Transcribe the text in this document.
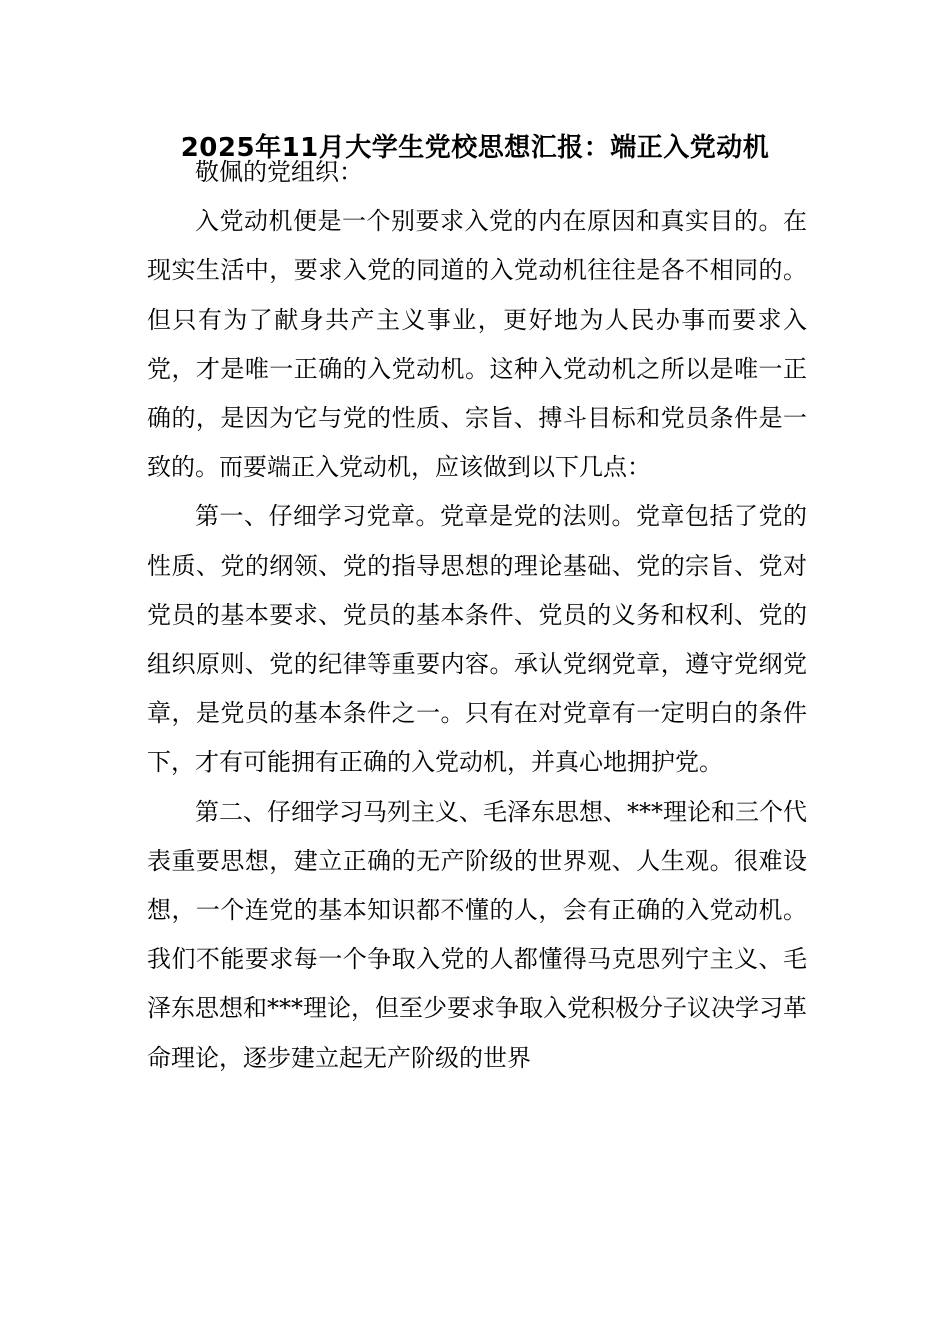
2025年11月大学生党校思想汇报：端正入党动机

敬佩的党组织：

入党动机便是一个别要求入党的内在原因和真实目的。在现实生活中，要求入党的同道的入党动机往往是各不相同的。但只有为了献身共产主义事业，更好地为人民办事而要求入党，才是唯一正确的入党动机。这种入党动机之所以是唯一正确的，是因为它与党的性质、宗旨、搏斗目标和党员条件是一致的。而要端正入党动机，应该做到以下几点：

第一、仔细学习党章。党章是党的法则。党章包括了党的性质、党的纲领、党的指导思想的理论基础、党的宗旨、党对党员的基本要求、党员的基本条件、党员的义务和权利、党的组织原则、党的纪律等重要内容。承认党纲党章，遵守党纲党章，是党员的基本条件之一。只有在对党章有一定明白的条件下，才有可能拥有正确的入党动机，并真心地拥护党。

第二、仔细学习马列主义、毛泽东思想、***理论和三个代表重要思想，建立正确的无产阶级的世界观、人生观。很难设想，一个连党的基本知识都不懂的人，会有正确的入党动机。我们不能要求每一个争取入党的人都懂得马克思列宁主义、毛泽东思想和***理论，但至少要求争取入党积极分子议决学习革命理论，逐步建立起无产阶级的世界
